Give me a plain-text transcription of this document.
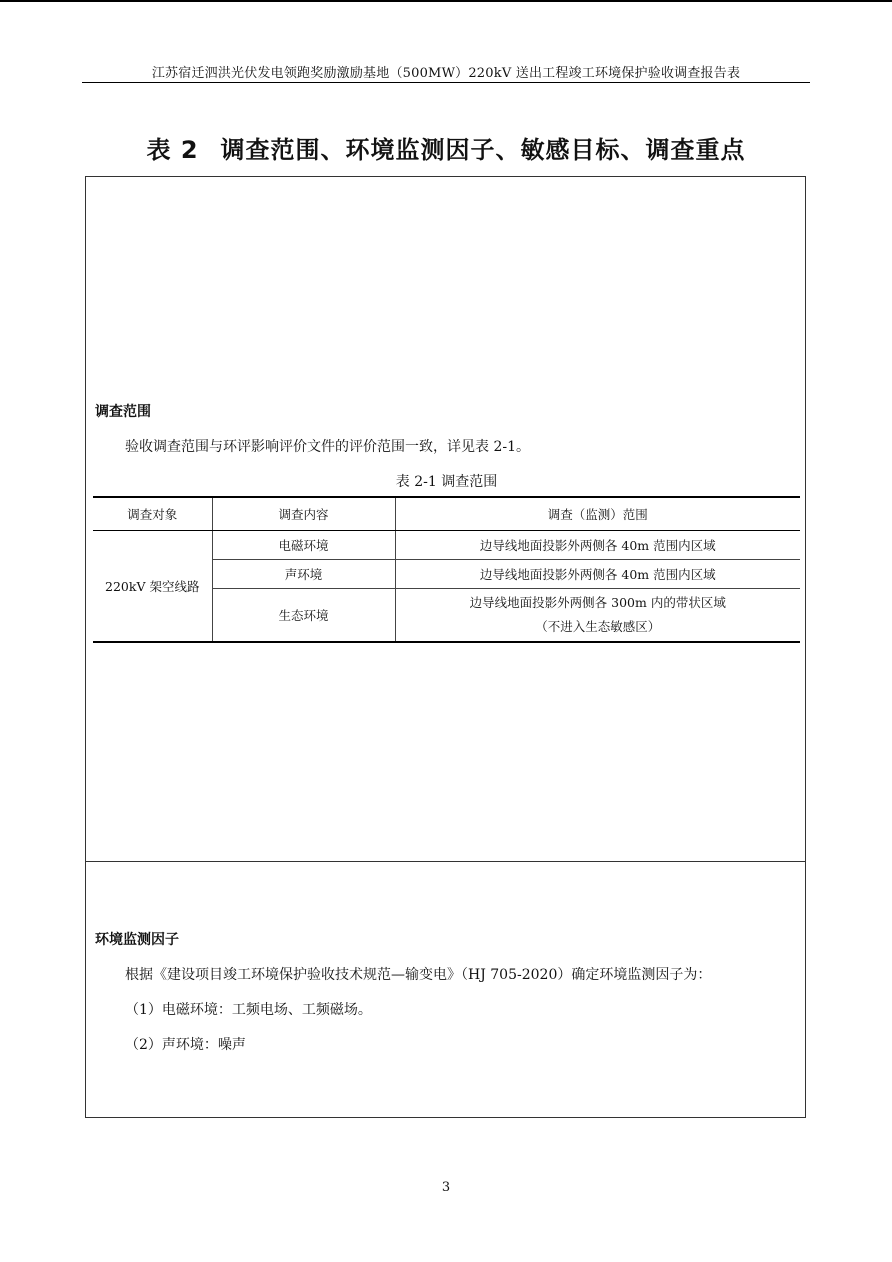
江苏宿迁泗洪光伏发电领跑奖励激励基地（500MW）220kV 送出工程竣工环境保护验收调查报告表
表 2 调查范围、环境监测因子、敏感目标、调查重点
调查范围
验收调查范围与环评影响评价文件的评价范围一致，详见表 2-1。
表 2-1 调查范围
调查对象	调查内容	调查（监测）范围
220kV 架空线路	电磁环境	边导线地面投影外两侧各 40m 范围内区域
	声环境	边导线地面投影外两侧各 40m 范围内区域
	生态环境	边导线地面投影外两侧各 300m 内的带状区域
（不进入生态敏感区）
环境监测因子
根据《建设项目竣工环境保护验收技术规范—输变电》（HJ 705-2020）确定环境监测因子为：
（1）电磁环境：工频电场、工频磁场。
（2）声环境：噪声
3
